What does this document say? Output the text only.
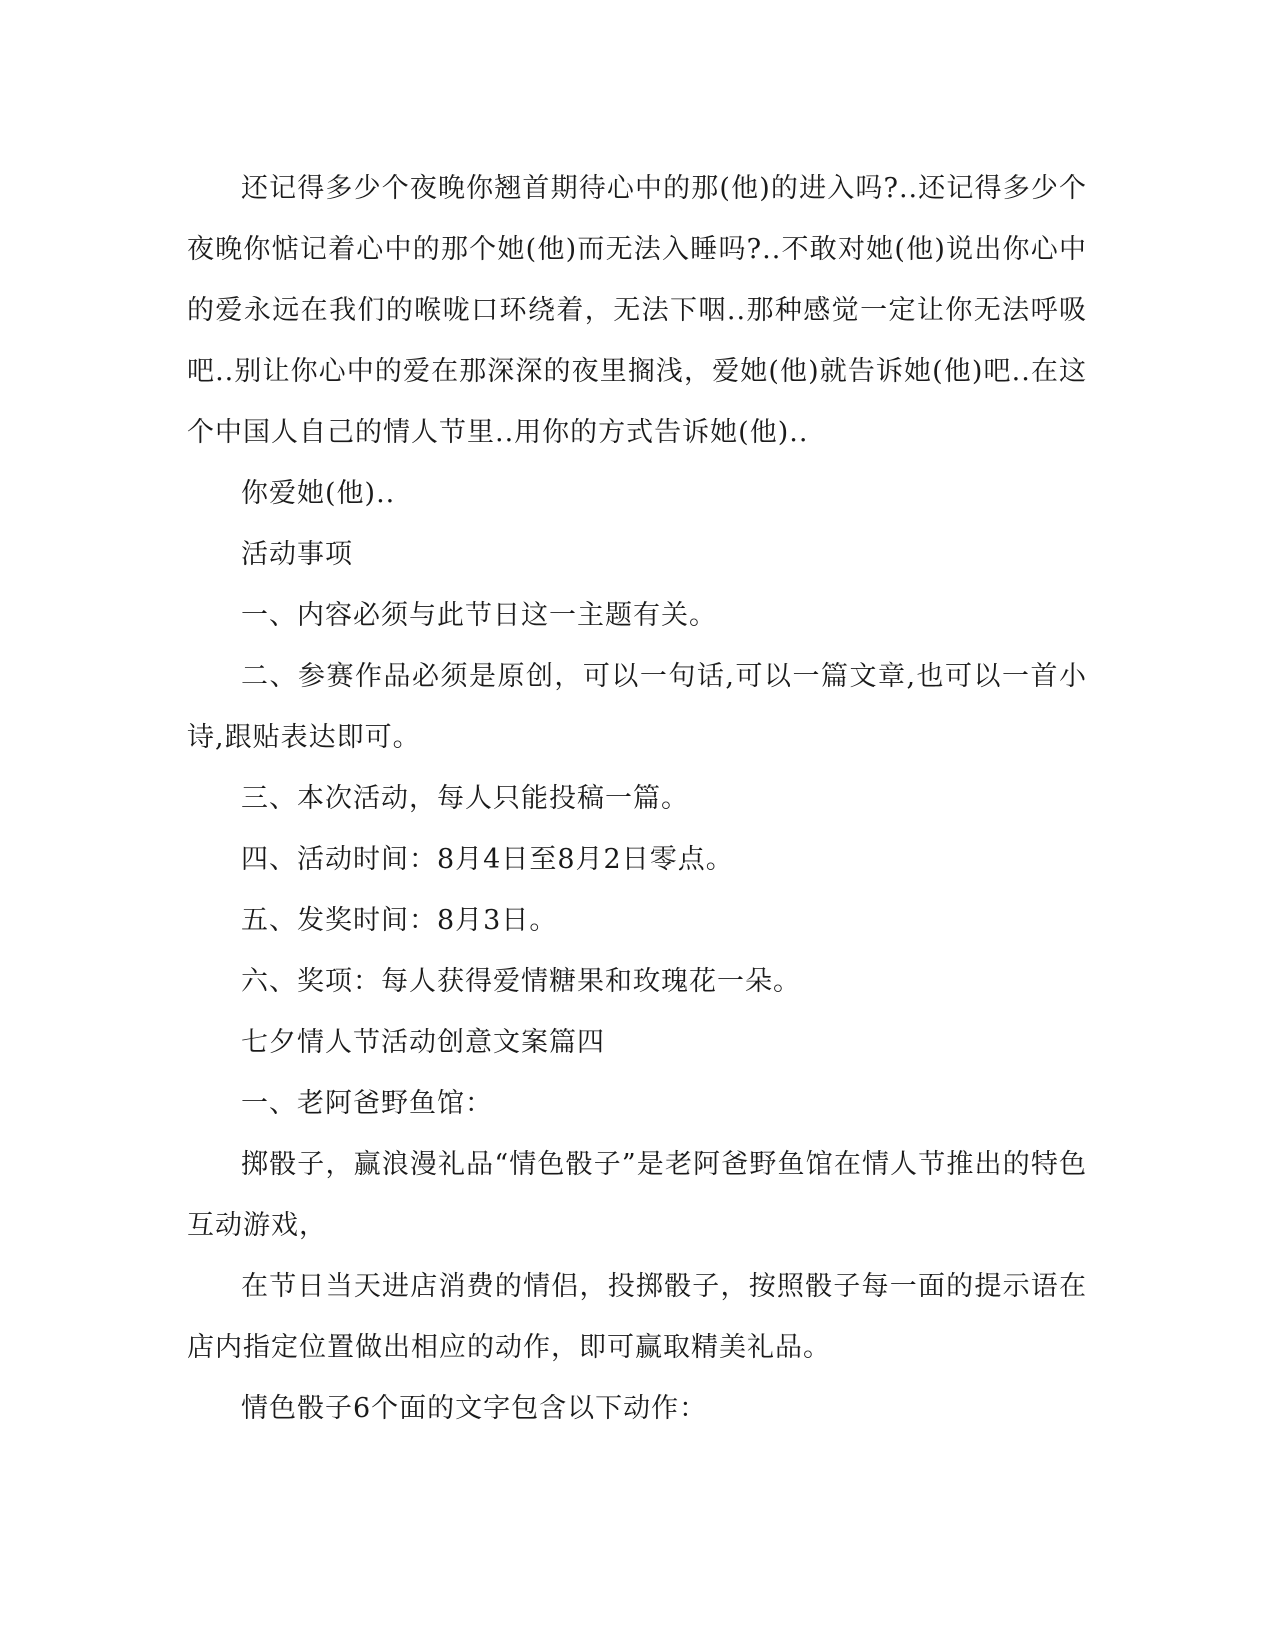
还记得多少个夜晚你翘首期待心中的那(他)的进入吗?..还记得多少个夜晚你惦记着心中的那个她(他)而无法入睡吗?..不敢对她(他)说出你心中的爱永远在我们的喉咙口环绕着，无法下咽..那种感觉一定让你无法呼吸吧..别让你心中的爱在那深深的夜里搁浅，爱她(他)就告诉她(他)吧..在这个中国人自己的情人节里..用你的方式告诉她(他)..

你爱她(他)..

活动事项

一、内容必须与此节日这一主题有关。

二、参赛作品必须是原创，可以一句话,可以一篇文章,也可以一首小诗,跟贴表达即可。

三、本次活动，每人只能投稿一篇。

四、活动时间：8月4日至8月2日零点。

五、发奖时间：8月3日。

六、奖项：每人获得爱情糖果和玫瑰花一朵。

七夕情人节活动创意文案篇四

一、老阿爸野鱼馆：

掷骰子，赢浪漫礼品“情色骰子”是老阿爸野鱼馆在情人节推出的特色互动游戏，

在节日当天进店消费的情侣，投掷骰子，按照骰子每一面的提示语在店内指定位置做出相应的动作，即可赢取精美礼品。

情色骰子6个面的文字包含以下动作：
